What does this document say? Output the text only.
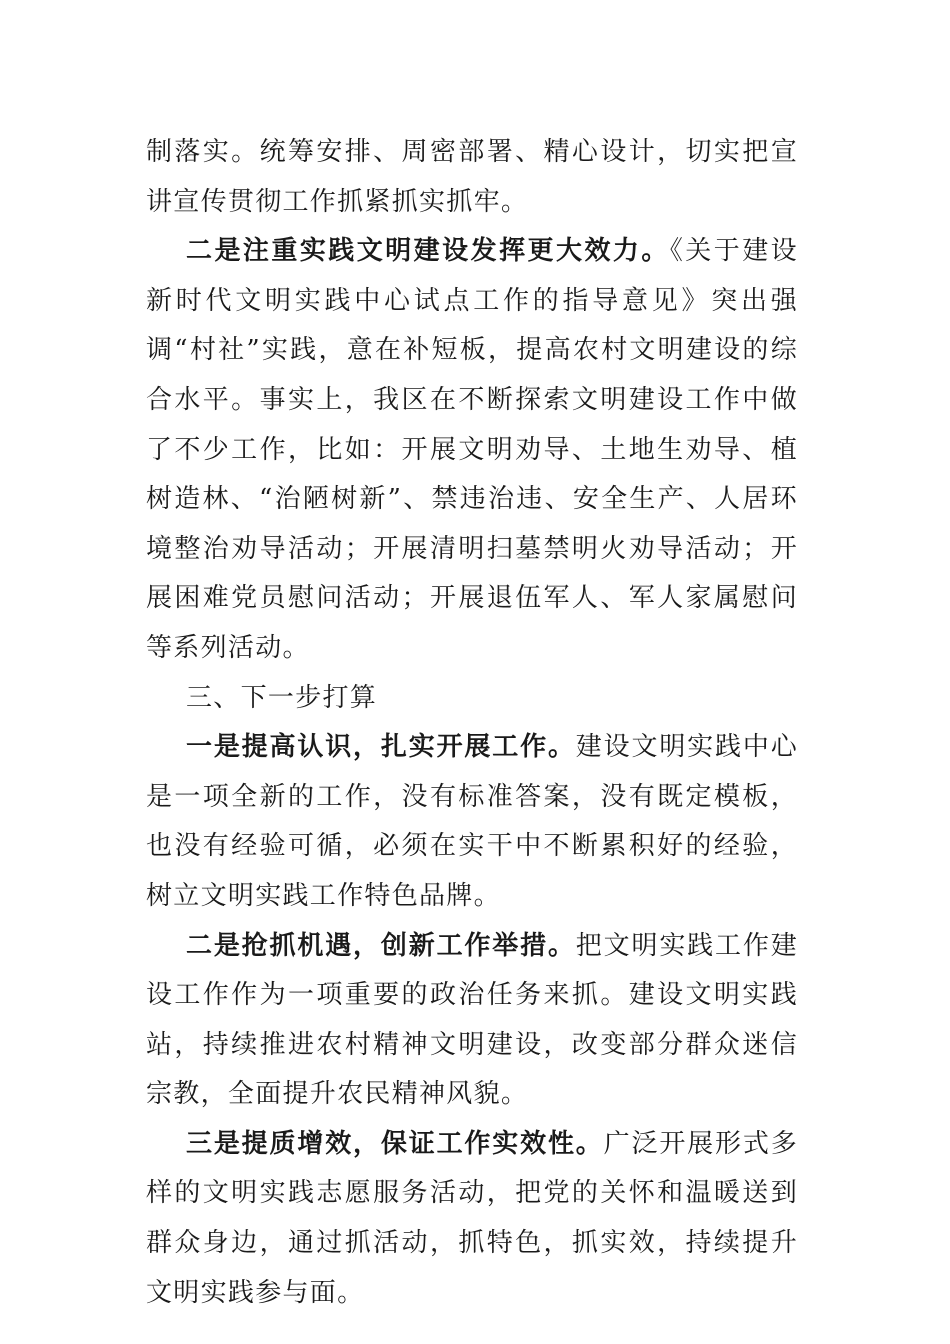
制落实。统筹安排、周密部署、精心设计，切实把宣讲宣传贯彻工作抓紧抓实抓牢。

二是注重实践文明建设发挥更大效力。《关于建设新时代文明实践中心试点工作的指导意见》突出强调“村社”实践，意在补短板，提高农村文明建设的综合水平。事实上，我区在不断探索文明建设工作中做了不少工作，比如：开展文明劝导、土地生劝导、植树造林、“治陋树新”、禁违治违、安全生产、人居环境整治劝导活动；开展清明扫墓禁明火劝导活动；开展困难党员慰问活动；开展退伍军人、军人家属慰问等系列活动。

三、下一步打算

一是提高认识，扎实开展工作。建设文明实践中心是一项全新的工作，没有标准答案，没有既定模板，也没有经验可循，必须在实干中不断累积好的经验，树立文明实践工作特色品牌。

二是抢抓机遇，创新工作举措。把文明实践工作建设工作作为一项重要的政治任务来抓。建设文明实践站，持续推进农村精神文明建设，改变部分群众迷信宗教，全面提升农民精神风貌。

三是提质增效，保证工作实效性。广泛开展形式多样的文明实践志愿服务活动，把党的关怀和温暖送到群众身边，通过抓活动，抓特色，抓实效，持续提升文明实践参与面。
